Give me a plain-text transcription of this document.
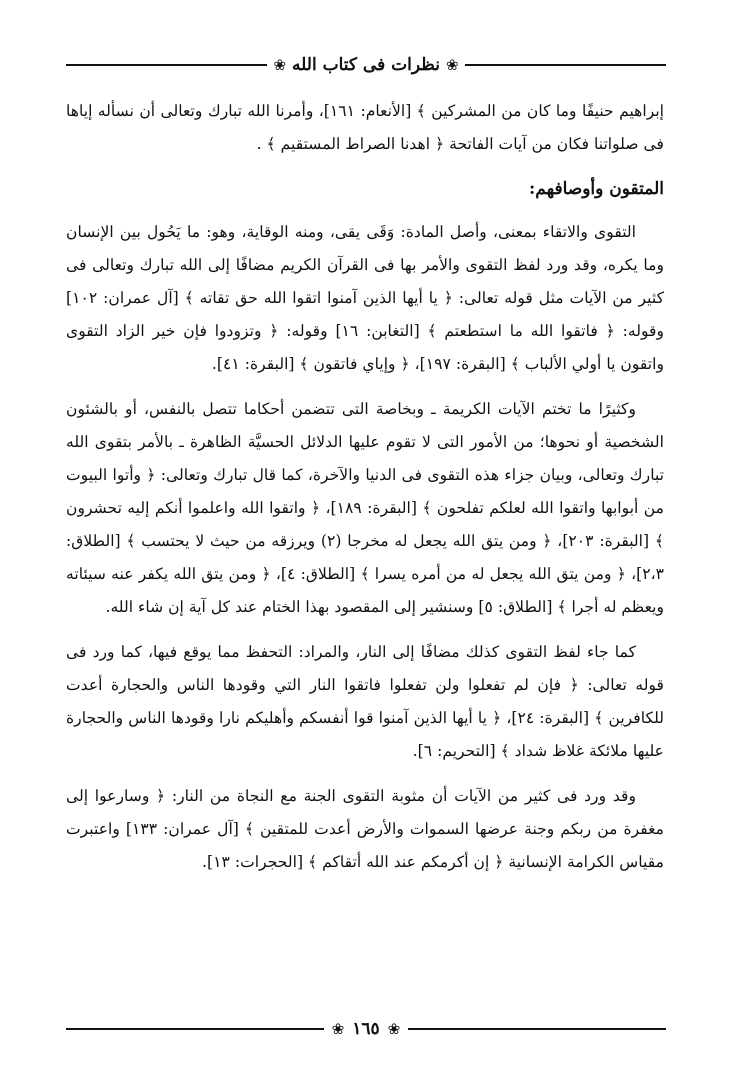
❀
نظرات فى كتاب الله
❀

إبراهيم حنيفًا وما كان من المشركين ﴾ [الأنعام: ١٦١]، وأمرنا الله تبارك وتعالى أن نسأله إياها فى صلواتنا فكان من آيات الفاتحة ﴿ اهدنا الصراط المستقيم ﴾ .

المتقون وأوصافهم:

التقوى والاتقاء بمعنى، وأصل المادة: وَقَى يقى، ومنه الوقاية، وهو: ما يَحُول بين الإنسان وما يكره، وقد ورد لفظ التقوى والأمر بها فى القرآن الكريم مضافًا إلى الله تبارك وتعالى فى كثير من الآيات مثل قوله تعالى: ﴿ يا أيها الذين آمنوا اتقوا الله حق تقاته ﴾ [آل عمران: ١٠٢] وقوله: ﴿ فاتقوا الله ما استطعتم ﴾ [التغابن: ١٦] وقوله: ﴿ وتزودوا فإن خير الزاد التقوى واتقون يا أولي الألباب ﴾ [البقرة: ١٩٧]، ﴿ وإياي فاتقون ﴾ [البقرة: ٤١].

وكثيرًا ما تختم الآيات الكريمة ـ وبخاصة التى تتضمن أحكاما تتصل بالنفس، أو بالشئون الشخصية أو نحوها؛ من الأمور التى لا تقوم عليها الدلائل الحسيَّة الظاهرة ـ بالأمر بتقوى الله تبارك وتعالى، وبيان جزاء هذه التقوى فى الدنيا والآخرة، كما قال تبارك وتعالى: ﴿ وأتوا البيوت من أبوابها واتقوا الله لعلكم تفلحون ﴾ [البقرة: ١٨٩]، ﴿ واتقوا الله واعلموا أنكم إليه تحشرون ﴾ [البقرة: ٢٠٣]، ﴿ ومن يتق الله يجعل له مخرجا (٢) ويرزقه من حيث لا يحتسب ﴾ [الطلاق: ٢،٣]، ﴿ ومن يتق الله يجعل له من أمره يسرا ﴾ [الطلاق: ٤]، ﴿ ومن يتق الله يكفر عنه سيئاته ويعظم له أجرا ﴾ [الطلاق: ٥] وسنشير إلى المقصود بهذا الختام عند كل آية إن شاء الله.

كما جاء لفظ التقوى كذلك مضافًا إلى النار، والمراد: التحفظ مما يوقع فيها، كما ورد فى قوله تعالى: ﴿ فإن لم تفعلوا ولن تفعلوا فاتقوا النار التي وقودها الناس والحجارة أعدت للكافرين ﴾ [البقرة: ٢٤]، ﴿ يا أيها الذين آمنوا قوا أنفسكم وأهليكم نارا وقودها الناس والحجارة عليها ملائكة غلاظ شداد ﴾ [التحريم: ٦].

وقد ورد فى كثير من الآيات أن مثوبة التقوى الجنة مع النجاة من النار: ﴿ وسارعوا إلى مغفرة من ربكم وجنة عرضها السموات والأرض أعدت للمتقين ﴾ [آل عمران: ١٣٣] واعتبرت مقياس الكرامة الإنسانية ﴿ إن أكرمكم عند الله أتقاكم ﴾ [الحجرات: ١٣].

❀
١٦٥
❀
